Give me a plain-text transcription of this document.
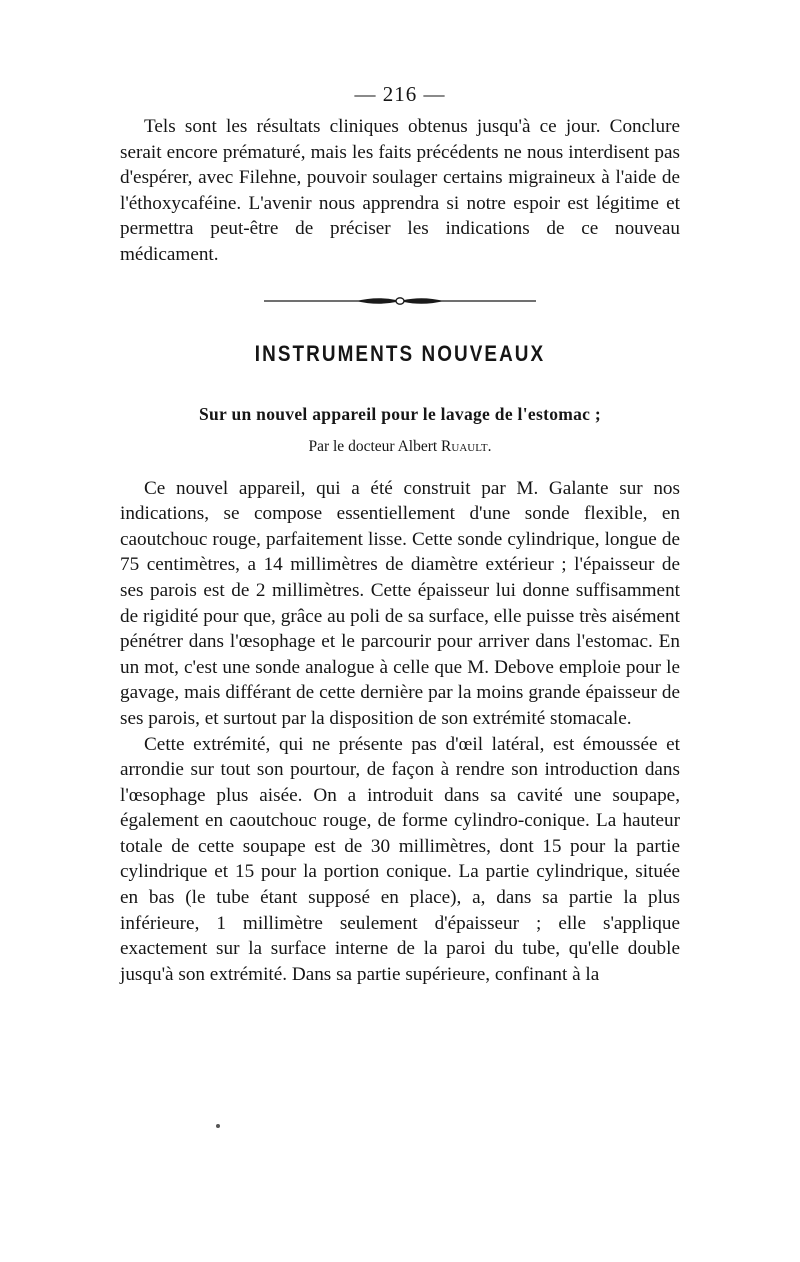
— 216 —

Tels sont les résultats cliniques obtenus jusqu'à ce jour. Conclure serait encore prématuré, mais les faits précédents ne nous interdisent pas d'espérer, avec Filehne, pouvoir soulager certains migraineux à l'aide de l'éthoxycaféine. L'avenir nous apprendra si notre espoir est légitime et permettra peut-être de préciser les indications de ce nouveau médicament.

INSTRUMENTS NOUVEAUX
Sur un nouvel appareil pour le lavage de l'estomac ;
Par le docteur Albert Ruault.

Ce nouvel appareil, qui a été construit par M. Galante sur nos indications, se compose essentiellement d'une sonde flexible, en caoutchouc rouge, parfaitement lisse. Cette sonde cylindrique, longue de 75 centimètres, a 14 millimètres de diamètre extérieur ; l'épaisseur de ses parois est de 2 millimètres. Cette épaisseur lui donne suffisamment de rigidité pour que, grâce au poli de sa surface, elle puisse très aisément pénétrer dans l'œsophage et le parcourir pour arriver dans l'estomac. En un mot, c'est une sonde analogue à celle que M. Debove emploie pour le gavage, mais différant de cette dernière par la moins grande épaisseur de ses parois, et surtout par la disposition de son extrémité stomacale.

Cette extrémité, qui ne présente pas d'œil latéral, est émoussée et arrondie sur tout son pourtour, de façon à rendre son introduction dans l'œsophage plus aisée. On a introduit dans sa cavité une soupape, également en caoutchouc rouge, de forme cylindro-conique. La hauteur totale de cette soupape est de 30 millimètres, dont 15 pour la partie cylindrique et 15 pour la portion conique. La partie cylindrique, située en bas (le tube étant supposé en place), a, dans sa partie la plus inférieure, 1 millimètre seulement d'épaisseur ; elle s'applique exactement sur la surface interne de la paroi du tube, qu'elle double jusqu'à son extrémité. Dans sa partie supérieure, confinant à la
